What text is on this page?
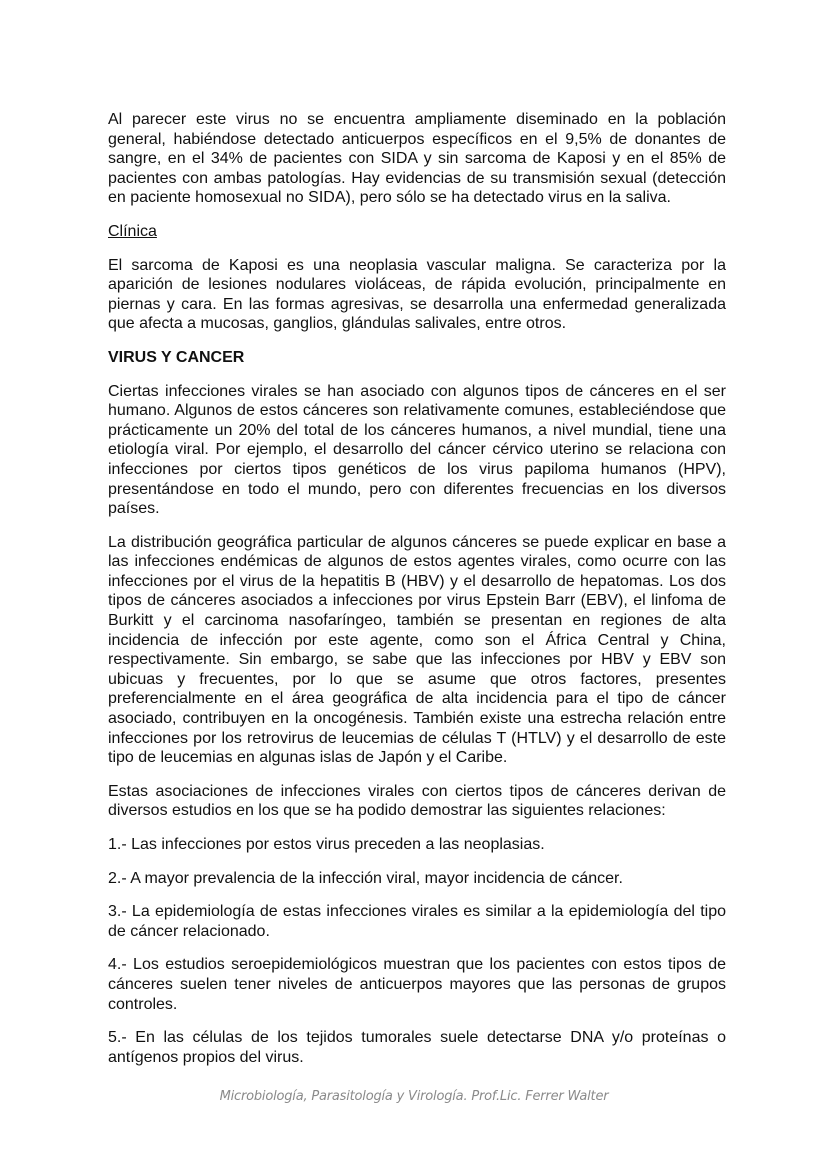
Al parecer este virus no se encuentra ampliamente diseminado en la población general, habiéndose detectado anticuerpos específicos en el 9,5% de donantes de sangre, en el 34% de pacientes con SIDA y sin sarcoma de Kaposi y en el 85% de pacientes con ambas patologías. Hay evidencias de su transmisión sexual (detección en paciente homosexual no SIDA), pero sólo se ha detectado virus en la saliva.

Clínica

El sarcoma de Kaposi es una neoplasia vascular maligna. Se caracteriza por la aparición de lesiones nodulares violáceas, de rápida evolución, principalmente en piernas y cara. En las formas agresivas, se desarrolla una enfermedad generalizada que afecta a mucosas, ganglios, glándulas salivales, entre otros.

VIRUS Y CANCER

Ciertas infecciones virales se han asociado con algunos tipos de cánceres en el ser humano. Algunos de estos cánceres son relativamente comunes, estableciéndose que prácticamente un 20% del total de los cánceres humanos, a nivel mundial, tiene una etiología viral. Por ejemplo, el desarrollo del cáncer cérvico uterino se relaciona con infecciones por ciertos tipos genéticos de los virus papiloma humanos (HPV), presentándose en todo el mundo, pero con diferentes frecuencias en los diversos países.

La distribución geográfica particular de algunos cánceres se puede explicar en base a las infecciones endémicas de algunos de estos agentes virales, como ocurre con las infecciones por el virus de la hepatitis B (HBV) y el desarrollo de hepatomas. Los dos tipos de cánceres asociados a infecciones por virus Epstein Barr (EBV), el linfoma de Burkitt y el carcinoma nasofaríngeo, también se presentan en regiones de alta incidencia de infección por este agente, como son el África Central y China, respectivamente. Sin embargo, se sabe que las infecciones por HBV y EBV son ubicuas y frecuentes, por lo que se asume que otros factores, presentes preferencialmente en el área geográfica de alta incidencia para el tipo de cáncer asociado, contribuyen en la oncogénesis. También existe una estrecha relación entre infecciones por los retrovirus de leucemias de células T (HTLV) y el desarrollo de este tipo de leucemias en algunas islas de Japón y el Caribe.

Estas asociaciones de infecciones virales con ciertos tipos de cánceres derivan de diversos estudios en los que se ha podido demostrar las siguientes relaciones:

1.- Las infecciones por estos virus preceden a las neoplasias.

2.- A mayor prevalencia de la infección viral, mayor incidencia de cáncer.

3.- La epidemiología de estas infecciones virales es similar a la epidemiología del tipo de cáncer relacionado.

4.- Los estudios seroepidemiológicos muestran que los pacientes con estos tipos de cánceres suelen tener niveles de anticuerpos mayores que las personas de grupos controles.

5.- En las células de los tejidos tumorales suele detectarse DNA y/o proteínas o antígenos propios del virus.

Microbiología, Parasitología y Virología. Prof.Lic. Ferrer Walter
